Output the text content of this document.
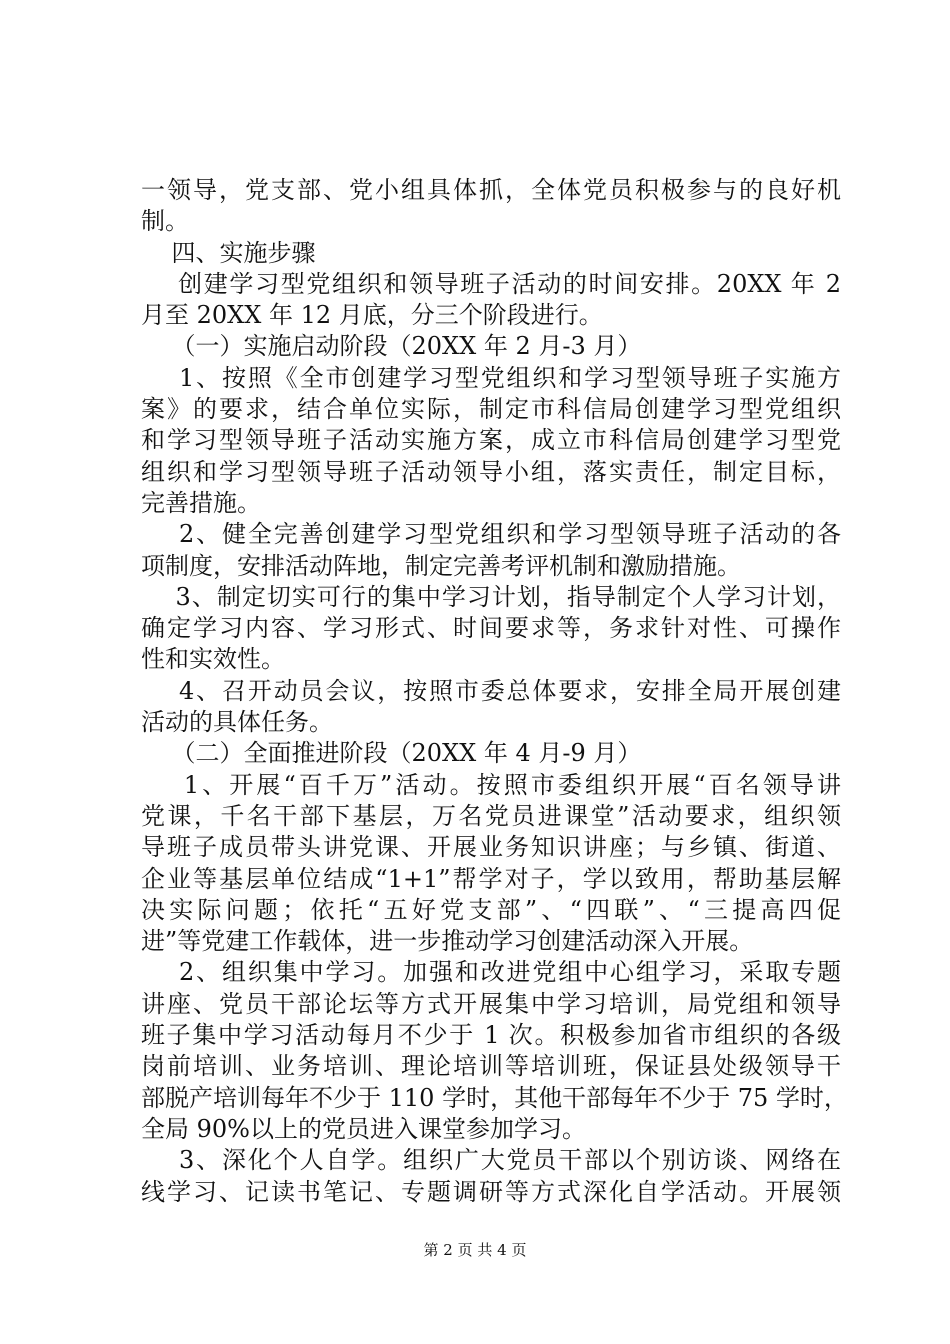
一领导，党支部、党小组具体抓，全体党员积极参与的良好机
制。
四、实施步骤
创建学习型党组织和领导班子活动的时间安排。20XX 年 2
月至 20XX 年 12 月底，分三个阶段进行。
（一）实施启动阶段（20XX 年 2 月-3 月）
1、按照《全市创建学习型党组织和学习型领导班子实施方
案》的要求，结合单位实际，制定市科信局创建学习型党组织
和学习型领导班子活动实施方案，成立市科信局创建学习型党
组织和学习型领导班子活动领导小组，落实责任，制定目标，
完善措施。
2、健全完善创建学习型党组织和学习型领导班子活动的各
项制度，安排活动阵地，制定完善考评机制和激励措施。
3、制定切实可行的集中学习计划，指导制定个人学习计划，
确定学习内容、学习形式、时间要求等，务求针对性、可操作
性和实效性。
4、召开动员会议，按照市委总体要求，安排全局开展创建
活动的具体任务。
（二）全面推进阶段（20XX 年 4 月-9 月）
1、开展“百千万”活动。按照市委组织开展“百名领导讲
党课，千名干部下基层，万名党员进课堂”活动要求，组织领
导班子成员带头讲党课、开展业务知识讲座；与乡镇、街道、
企业等基层单位结成“1+1”帮学对子，学以致用，帮助基层解
决实际问题；依托“五好党支部”、“四联”、“三提高四促
进”等党建工作载体，进一步推动学习创建活动深入开展。
2、组织集中学习。加强和改进党组中心组学习，采取专题
讲座、党员干部论坛等方式开展集中学习培训，局党组和领导
班子集中学习活动每月不少于 1 次。积极参加省市组织的各级
岗前培训、业务培训、理论培训等培训班，保证县处级领导干
部脱产培训每年不少于 110 学时，其他干部每年不少于 75 学时，
全局 90%以上的党员进入课堂参加学习。
3、深化个人自学。组织广大党员干部以个别访谈、网络在
线学习、记读书笔记、专题调研等方式深化自学活动。开展领
第 2 页 共 4 页
